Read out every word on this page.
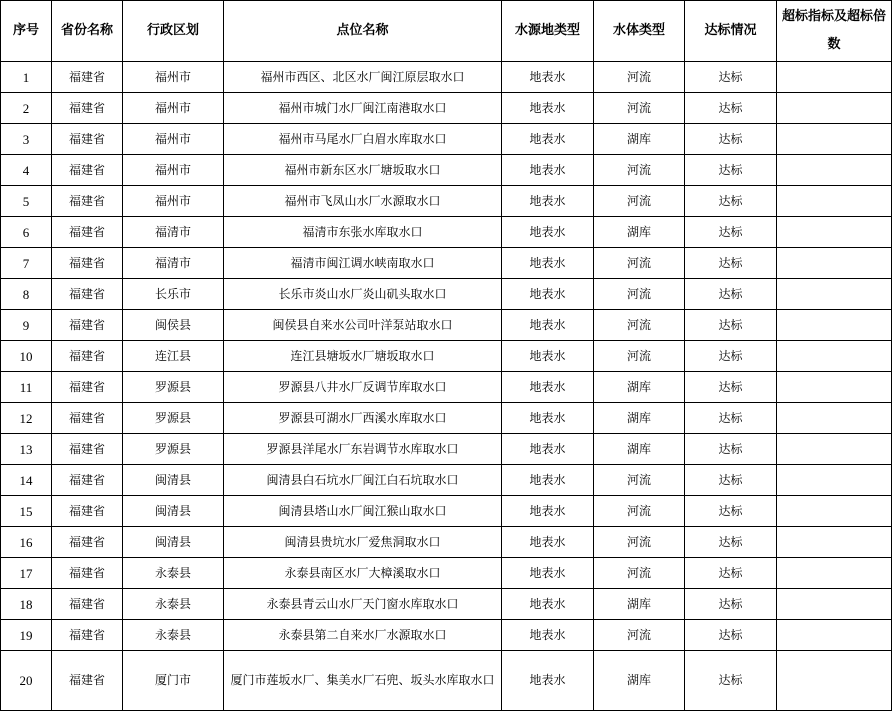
序号	省份名称	行政区划	点位名称	水源地类型	水体类型	达标情况	超标指标及超标倍数
1	福建省	福州市	福州市西区、北区水厂闽江原层取水口	地表水	河流	达标	
2	福建省	福州市	福州市城门水厂闽江南港取水口	地表水	河流	达标	
3	福建省	福州市	福州市马尾水厂白眉水库取水口	地表水	湖库	达标	
4	福建省	福州市	福州市新东区水厂塘坂取水口	地表水	河流	达标	
5	福建省	福州市	福州市飞凤山水厂水源取水口	地表水	河流	达标	
6	福建省	福清市	福清市东张水库取水口	地表水	湖库	达标	
7	福建省	福清市	福清市闽江调水峡南取水口	地表水	河流	达标	
8	福建省	长乐市	长乐市炎山水厂炎山矶头取水口	地表水	河流	达标	
9	福建省	闽侯县	闽侯县自来水公司叶洋泵站取水口	地表水	河流	达标	
10	福建省	连江县	连江县塘坂水厂塘坂取水口	地表水	河流	达标	
11	福建省	罗源县	罗源县八井水厂反调节库取水口	地表水	湖库	达标	
12	福建省	罗源县	罗源县可湖水厂西溪水库取水口	地表水	湖库	达标	
13	福建省	罗源县	罗源县洋尾水厂东岩调节水库取水口	地表水	湖库	达标	
14	福建省	闽清县	闽清县白石坑水厂闽江白石坑取水口	地表水	河流	达标	
15	福建省	闽清县	闽清县塔山水厂闽江猴山取水口	地表水	河流	达标	
16	福建省	闽清县	闽清县贵坑水厂爱焦洞取水口	地表水	河流	达标	
17	福建省	永泰县	永泰县南区水厂大樟溪取水口	地表水	河流	达标	
18	福建省	永泰县	永泰县青云山水厂天门窗水库取水口	地表水	湖库	达标	
19	福建省	永泰县	永泰县第二自来水厂水源取水口	地表水	河流	达标	
20	福建省	厦门市	厦门市莲坂水厂、集美水厂石兜、坂头水库取水口	地表水	湖库	达标	
